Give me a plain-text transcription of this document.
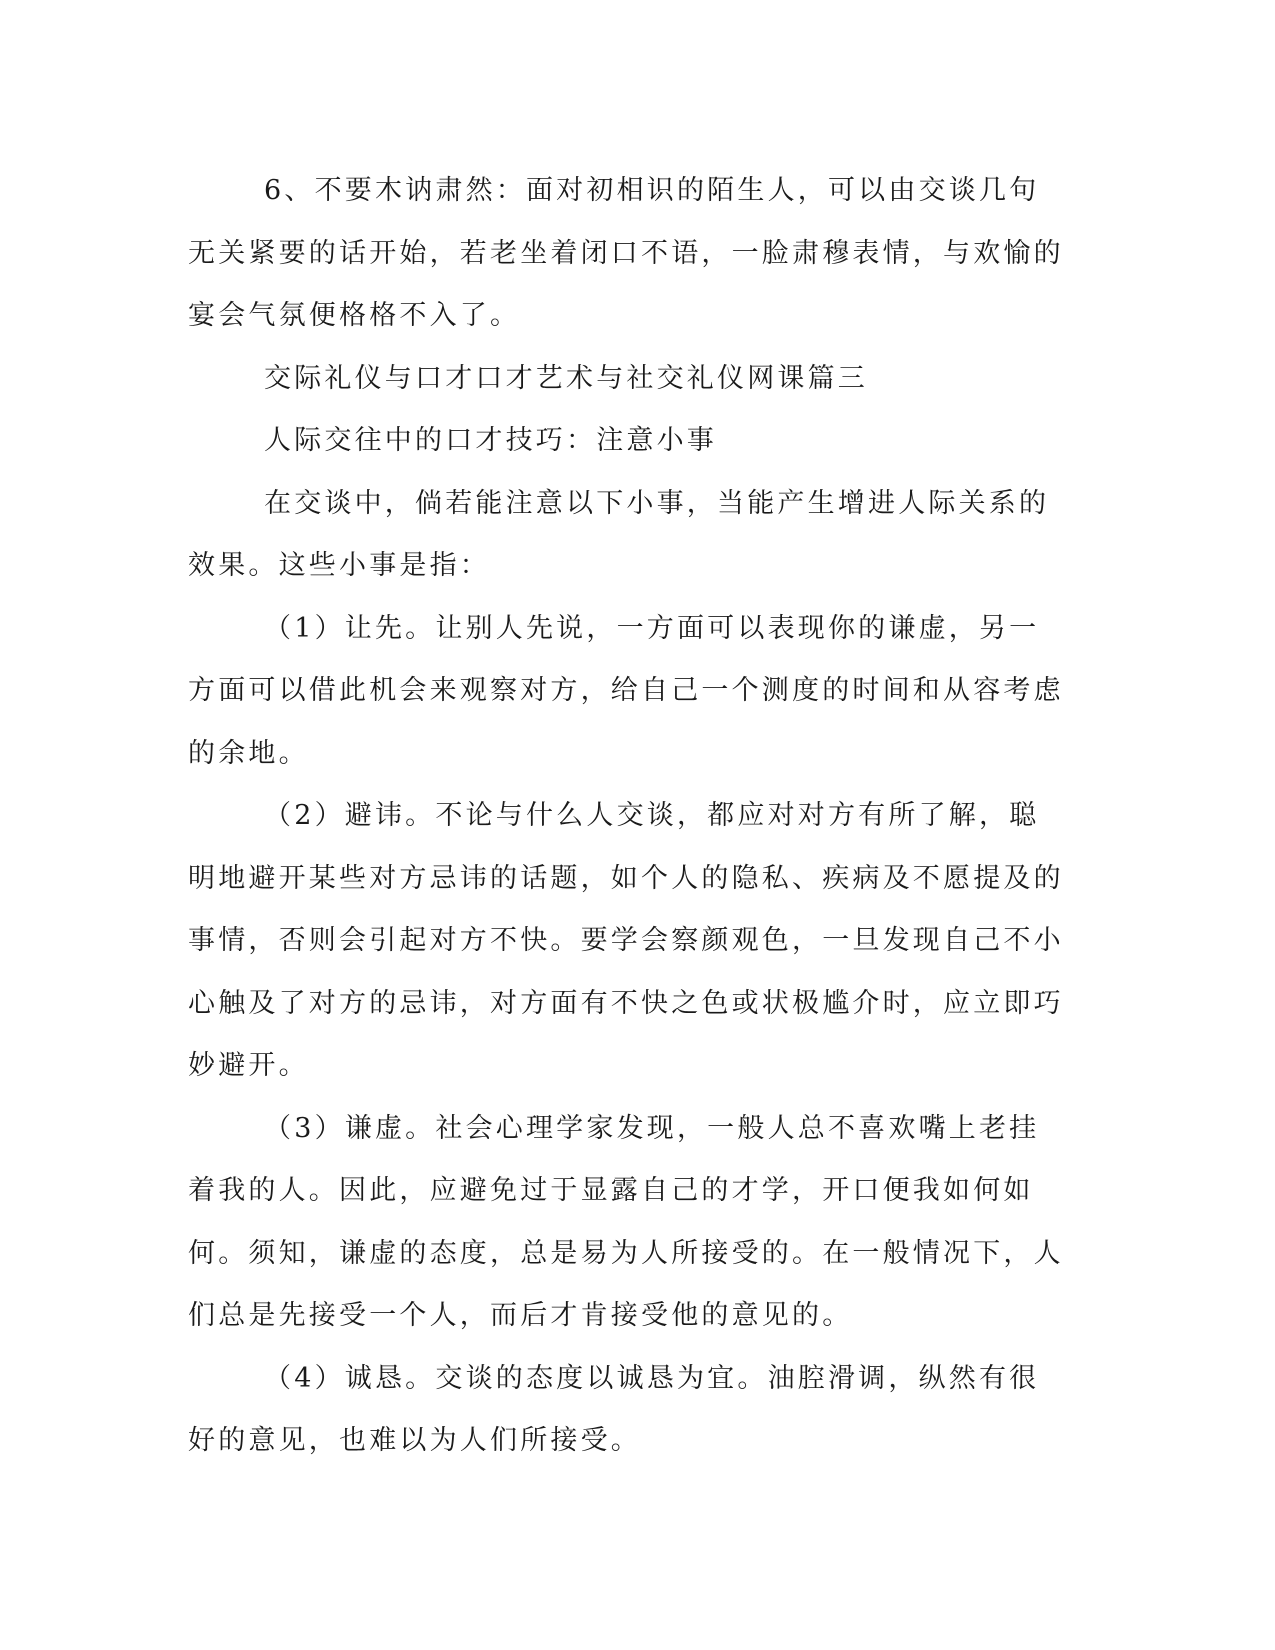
6、不要木讷肃然：面对初相识的陌生人，可以由交谈几句无关紧要的话开始，若老坐着闭口不语，一脸肃穆表情，与欢愉的宴会气氛便格格不入了。

交际礼仪与口才口才艺术与社交礼仪网课篇三

人际交往中的口才技巧：注意小事

在交谈中，倘若能注意以下小事，当能产生增进人际关系的效果。这些小事是指：

（1）让先。让别人先说，一方面可以表现你的谦虚，另一方面可以借此机会来观察对方，给自己一个测度的时间和从容考虑的余地。

（2）避讳。不论与什么人交谈，都应对对方有所了解，聪明地避开某些对方忌讳的话题，如个人的隐私、疾病及不愿提及的事情，否则会引起对方不快。要学会察颜观色，一旦发现自己不小心触及了对方的忌讳，对方面有不快之色或状极尴介时，应立即巧妙避开。

（3）谦虚。社会心理学家发现，一般人总不喜欢嘴上老挂着我的人。因此，应避免过于显露自己的才学，开口便我如何如何。须知，谦虚的态度，总是易为人所接受的。在一般情况下，人们总是先接受一个人，而后才肯接受他的意见的。

（4）诚恳。交谈的态度以诚恳为宜。油腔滑调，纵然有很好的意见，也难以为人们所接受。
